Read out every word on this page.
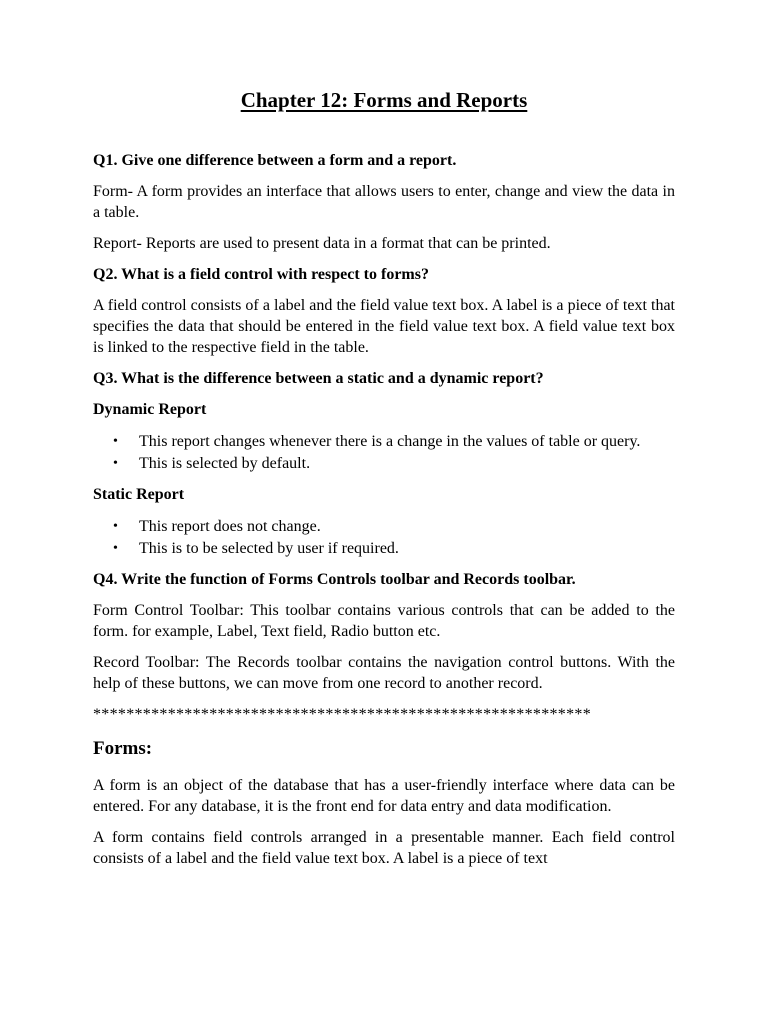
Chapter 12: Forms and Reports
Q1. Give one difference between a form and a report.
Form- A form provides an interface that allows users to enter, change and view the data in a table.
Report- Reports are used to present data in a format that can be printed.
Q2. What is a field control with respect to forms?
A field control consists of a label and the field value text box. A label is a piece of text that specifies the data that should be entered in the field value text box. A field value text box is linked to the respective field in the table.
Q3. What is the difference between a static and a dynamic report?
Dynamic Report
• This report changes whenever there is a change in the values of table or query.
• This is selected by default.
Static Report
• This report does not change.
• This is to be selected by user if required.
Q4. Write the function of Forms Controls toolbar and Records toolbar.
Form Control Toolbar: This toolbar contains various controls that can be added to the form. for example, Label, Text field, Radio button etc.
Record Toolbar: The Records toolbar contains the navigation control buttons. With the help of these buttons, we can move from one record to another record.
************************************************************
Forms:
A form is an object of the database that has a user-friendly interface where data can be entered. For any database, it is the front end for data entry and data modification.
A form contains field controls arranged in a presentable manner. Each field control consists of a label and the field value text box. A label is a piece of text
